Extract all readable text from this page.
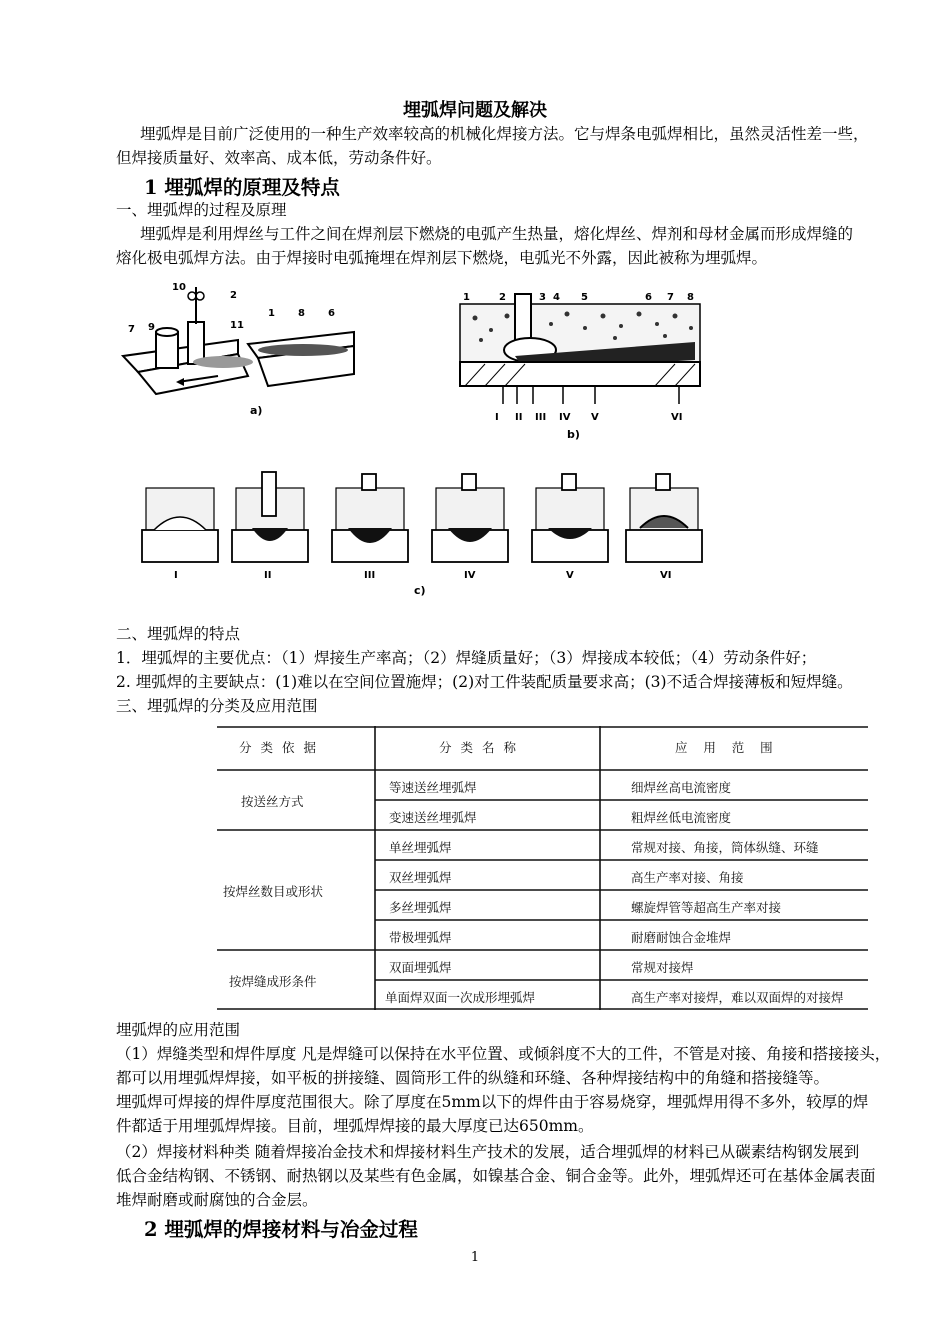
埋弧焊问题及解决
埋弧焊是目前广泛使用的一种生产效率较高的机械化焊接方法。它与焊条电弧焊相比，虽然灵活性差一些，
但焊接质量好、效率高、成本低，劳动条件好。
1 埋弧焊的原理及特点
一、埋弧焊的过程及原理
埋弧焊是利用焊丝与工件之间在焊剂层下燃烧的电弧产生热量，熔化焊丝、焊剂和母材金属而形成焊缝的
熔化极电弧焊方法。由于焊接时电弧掩埋在焊剂层下燃烧，电弧光不外露，因此被称为埋弧焊。
10
2
7 9	11
1 8 6
a)
1	2	3 4 5	6 7 8
I II III IV V	VI
b)
I	II	III	IV	V	VI
c)
二、埋弧焊的特点
1．埋弧焊的主要优点：（1）焊接生产率高；（2）焊缝质量好；（3）焊接成本较低；（4）劳动条件好；
2. 埋弧焊的主要缺点：(1)难以在空间位置施焊；(2)对工件装配质量要求高；(3)不适合焊接薄板和短焊缝。
三、埋弧焊的分类及应用范围
分类依据	分类名称	应    用    范    围
按送丝方式
等速送丝埋弧焊	细焊丝高电流密度
变速送丝埋弧焊	粗焊丝低电流密度
按焊丝数目或形状
单丝埋弧焊	常规对接、角接，筒体纵缝、环缝
双丝埋弧焊	高生产率对接、角接
多丝埋弧焊	螺旋焊管等超高生产率对接
带极埋弧焊	耐磨耐蚀合金堆焊
按焊缝成形条件
双面埋弧焊	常规对接焊
单面焊双面一次成形埋弧焊	高生产率对接焊，难以双面焊的对接焊
埋弧焊的应用范围
（1）焊缝类型和焊件厚度 凡是焊缝可以保持在水平位置、或倾斜度不大的工件，不管是对接、角接和搭接接头，
都可以用埋弧焊焊接，如平板的拼接缝、圆筒形工件的纵缝和环缝、各种焊接结构中的角缝和搭接缝等。
埋弧焊可焊接的焊件厚度范围很大。除了厚度在5mm以下的焊件由于容易烧穿，埋弧焊用得不多外，较厚的焊
件都适于用埋弧焊焊接。目前，埋弧焊焊接的最大厚度已达650mm。
（2）焊接材料种类 随着焊接冶金技术和焊接材料生产技术的发展，适合埋弧焊的材料已从碳素结构钢发展到
低合金结构钢、不锈钢、耐热钢以及某些有色金属，如镍基合金、铜合金等。此外，埋弧焊还可在基体金属表面
堆焊耐磨或耐腐蚀的合金层。
2 埋弧焊的焊接材料与冶金过程
1
